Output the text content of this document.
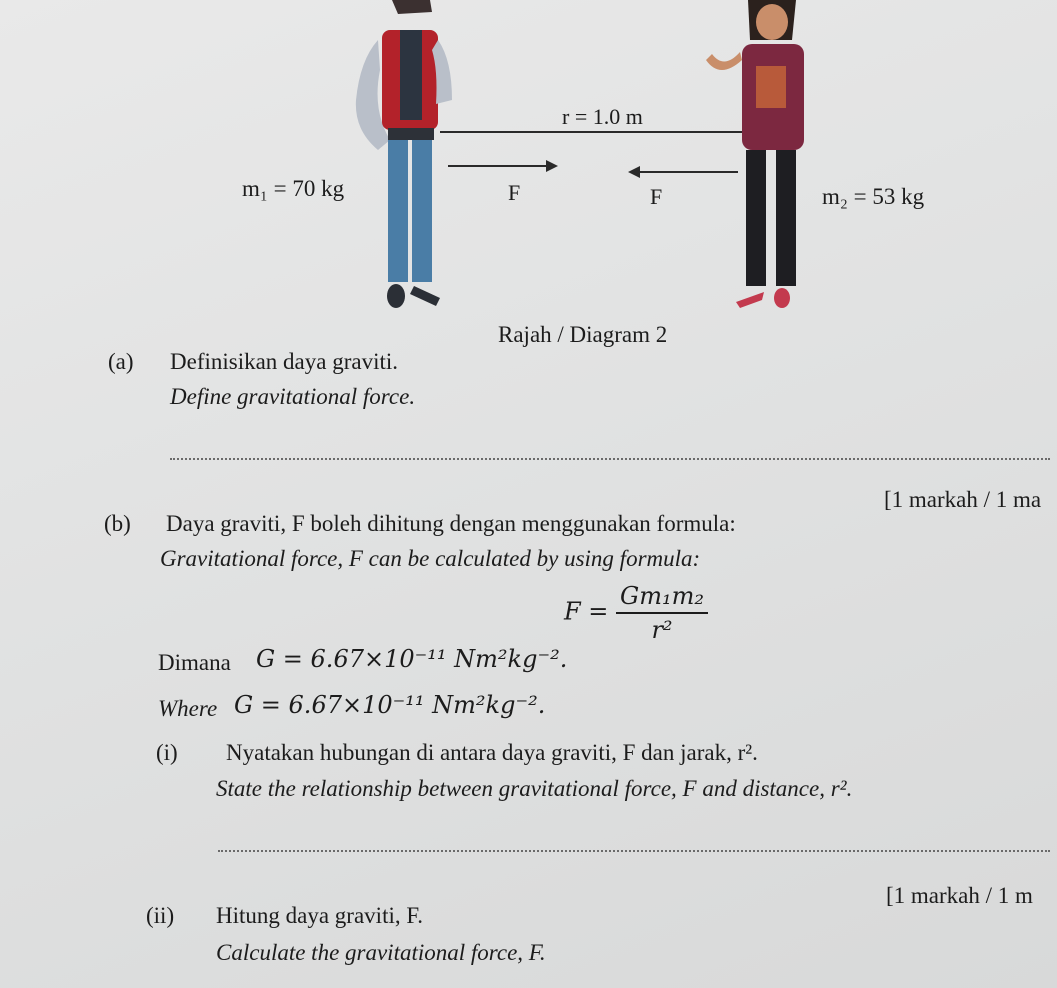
r = 1.0 m
F	F
m₁ = 70 kg	m₂ = 53 kg
Rajah / Diagram 2
(a) Definisikan daya graviti.
Define gravitational force.
[1 markah / 1 ma
(b) Daya graviti, F boleh dihitung dengan menggunakan formula:
Gravitational force, F can be calculated by using formula:
$F = \frac{\text{Gm₁m₂}}{\text{r²}}$
Dimana G = 6.67×10⁻¹¹ Nm²kg⁻².
Where G = 6.67×10⁻¹¹ Nm²kg⁻².
(i) Nyatakan hubungan di antara daya graviti, F dan jarak, r².
State the relationship between gravitational force, F and distance, r².
[1 markah / 1 m
(ii) Hitung daya graviti, F.
Calculate the gravitational force, F.
